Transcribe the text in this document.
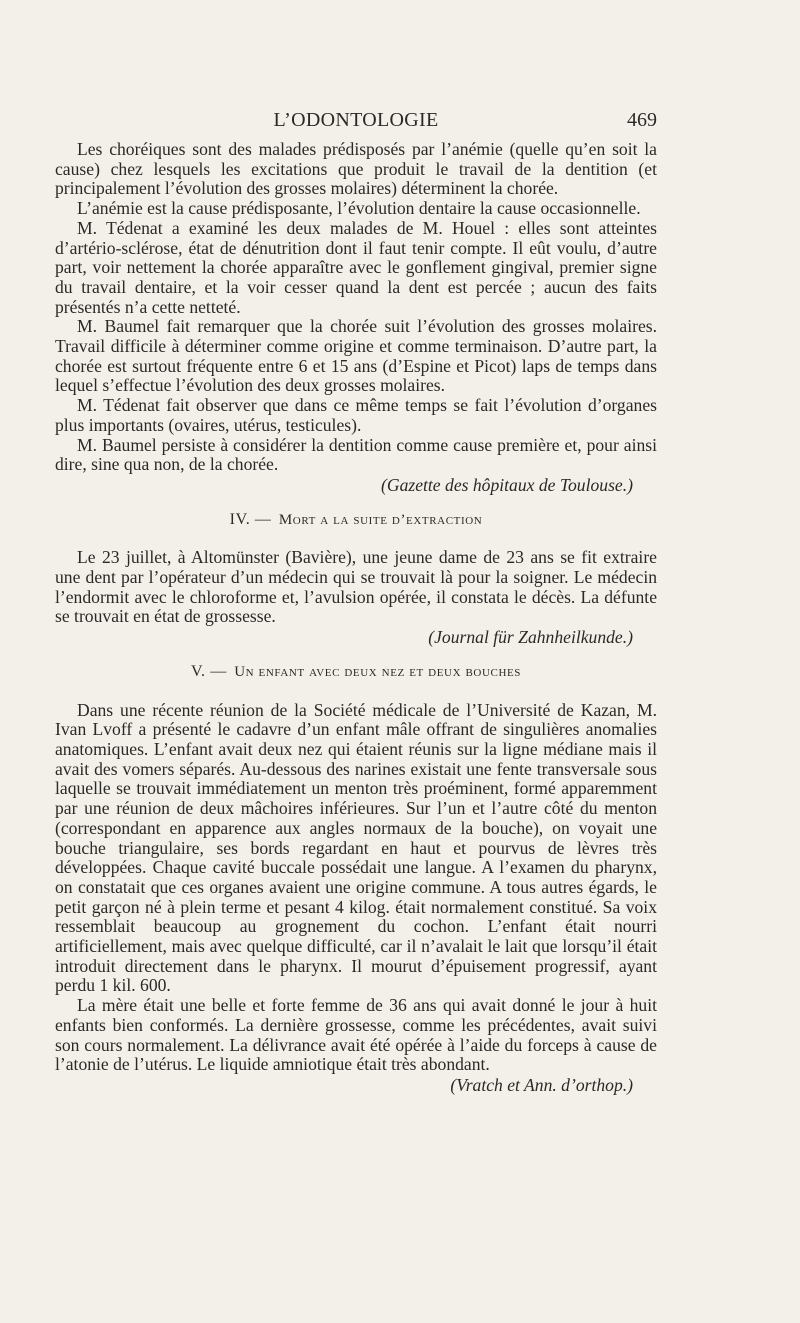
L’ODONTOLOGIE	469

Les choréiques sont des malades prédisposés par l’anémie (quelle qu’en soit la cause) chez lesquels les excitations que produit le travail de la dentition (et principalement l’évolution des grosses molaires) déterminent la chorée.

L’anémie est la cause prédisposante, l’évolution dentaire la cause occasionnelle.

M. Tédenat a examiné les deux malades de M. Houel : elles sont atteintes d’artério-sclérose, état de dénutrition dont il faut tenir compte. Il eût voulu, d’autre part, voir nettement la chorée apparaître avec le gonflement gingival, premier signe du travail dentaire, et la voir cesser quand la dent est percée ; aucun des faits présentés n’a cette netteté.

M. Baumel fait remarquer que la chorée suit l’évolution des grosses molaires. Travail difficile à déterminer comme origine et comme terminaison. D’autre part, la chorée est surtout fréquente entre 6 et 15 ans (d’Espine et Picot) laps de temps dans lequel s’effectue l’évolution des deux grosses molaires.

M. Tédenat fait observer que dans ce même temps se fait l’évolution d’organes plus importants (ovaires, utérus, testicules).

M. Baumel persiste à considérer la dentition comme cause première et, pour ainsi dire, sine qua non, de la chorée.

(Gazette des hôpitaux de Toulouse.)

IV. — Mort a la suite d’extraction

Le 23 juillet, à Altomünster (Bavière), une jeune dame de 23 ans se fit extraire une dent par l’opérateur d’un médecin qui se trouvait là pour la soigner. Le médecin l’endormit avec le chloroforme et, l’avulsion opérée, il constata le décès. La défunte se trouvait en état de grossesse.

(Journal für Zahnheilkunde.)

V. — Un enfant avec deux nez et deux bouches

Dans une récente réunion de la Société médicale de l’Université de Kazan, M. Ivan Lvoff a présenté le cadavre d’un enfant mâle offrant de singulières anomalies anatomiques. L’enfant avait deux nez qui étaient réunis sur la ligne médiane mais il avait des vomers séparés. Au-dessous des narines existait une fente transversale sous laquelle se trouvait immédiatement un menton très proéminent, formé apparemment par une réunion de deux mâchoires inférieures. Sur l’un et l’autre côté du menton (correspondant en apparence aux angles normaux de la bouche), on voyait une bouche triangulaire, ses bords regardant en haut et pourvus de lèvres très développées. Chaque cavité buccale possédait une langue. A l’examen du pharynx, on constatait que ces organes avaient une origine commune. A tous autres égards, le petit garçon né à plein terme et pesant 4 kilog. était normalement constitué. Sa voix ressemblait beaucoup au grognement du cochon. L’enfant était nourri artificiellement, mais avec quelque difficulté, car il n’avalait le lait que lorsqu’il était introduit directement dans le pharynx. Il mourut d’épuisement progressif, ayant perdu 1 kil. 600.

La mère était une belle et forte femme de 36 ans qui avait donné le jour à huit enfants bien conformés. La dernière grossesse, comme les précédentes, avait suivi son cours normalement. La délivrance avait été opérée à l’aide du forceps à cause de l’atonie de l’utérus. Le liquide amniotique était très abondant.

(Vratch et Ann. d’orthop.)
